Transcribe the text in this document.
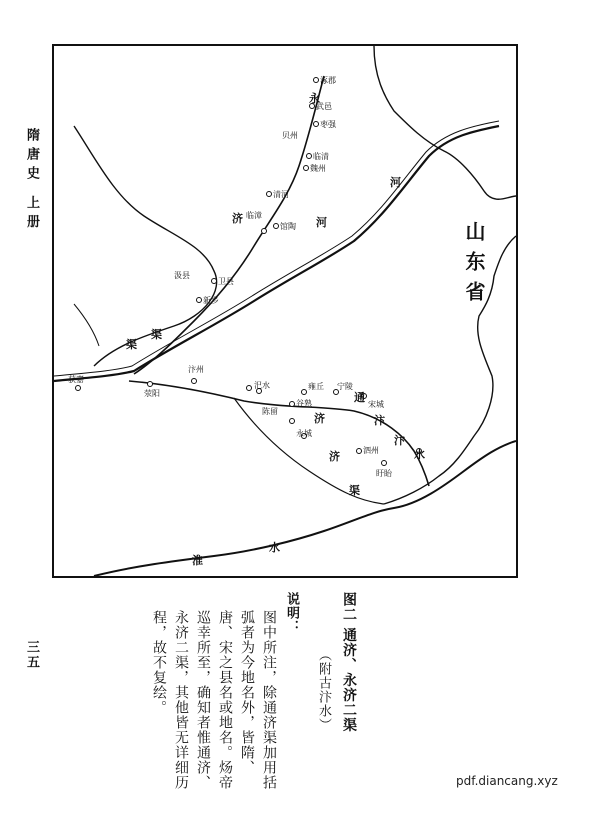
隋唐史 上册
三五
涿郡
武邑
枣强
临清
贝州
魏州
清河
馆陶
临漳
卫县
汲县
新乡
获嘉
汴州
荥阳
汜水
陈留
雍丘 宁陵
宋城
谷熟
永城
泗州
盱眙
河
河
永
济
渠
济
通
济
渠
汴
水
淮
水
渠
汴
山东省
图二 通济、永济二渠
（附古汴水）
说明：
图中所注，除通济渠加用括弧者为今地名外，皆隋、唐、宋之县名或地名。炀帝巡幸所至，确知者惟通济、永济二渠，其他皆无详细历程，故不复绘。
pdf.diancang.xyz
